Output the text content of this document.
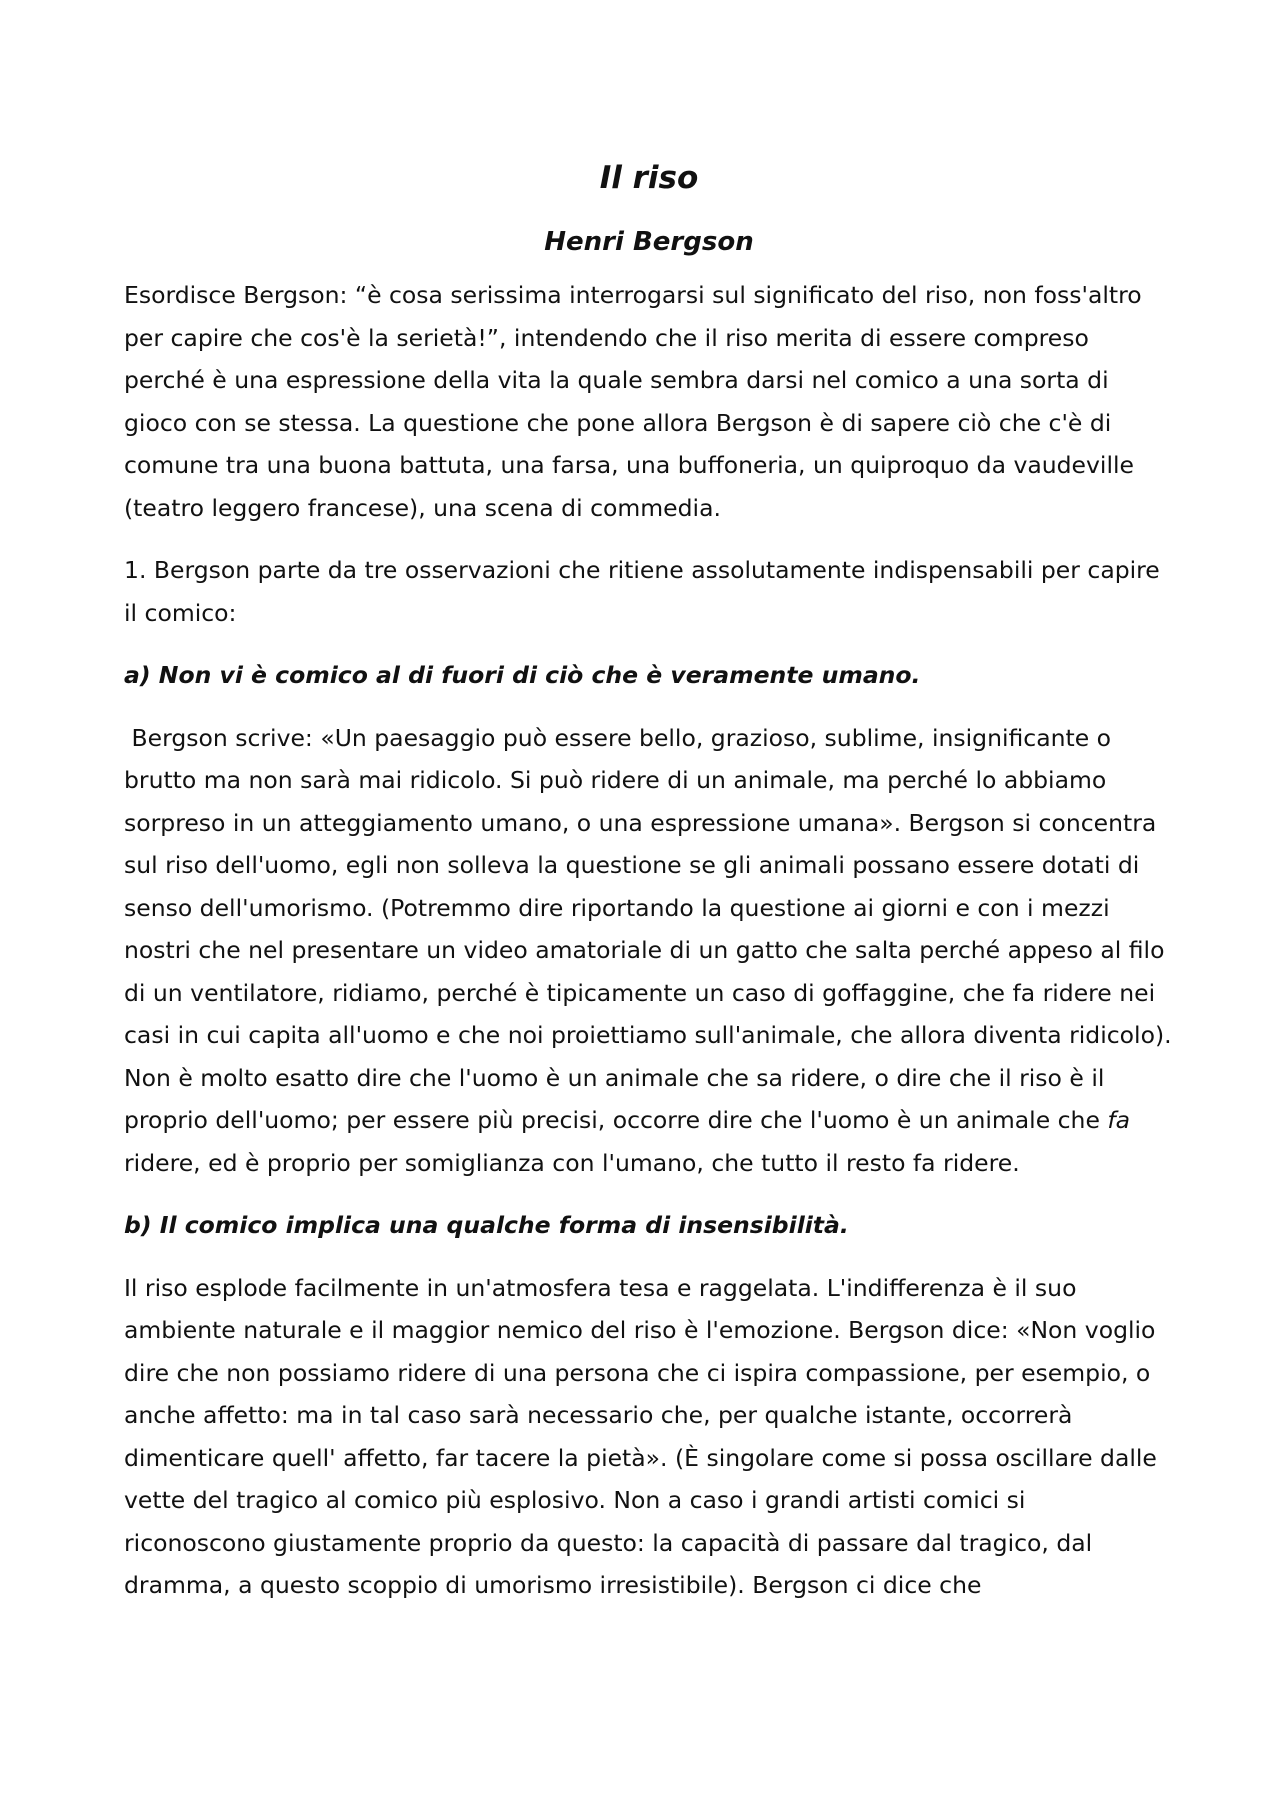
Il riso
Henri Bergson

Esordisce Bergson: “è cosa serissima interrogarsi sul significato del riso, non foss'altro per capire che cos'è la serietà!”, intendendo che il riso merita di essere compreso perché è una espressione della vita la quale sembra darsi nel comico a una sorta di gioco con se stessa. La questione che pone allora Bergson è di sapere ciò che c'è di comune tra una buona battuta, una farsa, una buffoneria, un quiproquo da vaudeville (teatro leggero francese), una scena di commedia.

1. Bergson parte da tre osservazioni che ritiene assolutamente indispensabili per capire il comico:

a) Non vi è comico al di fuori di ciò che è veramente umano.

Bergson scrive: «Un paesaggio può essere bello, grazioso, sublime, insignificante o brutto ma non sarà mai ridicolo. Si può ridere di un animale, ma perché lo abbiamo sorpreso in un atteggiamento umano, o una espressione umana». Bergson si concentra sul riso dell'uomo, egli non solleva la questione se gli animali possano essere dotati di senso dell'umorismo. (Potremmo dire riportando la questione ai giorni e con i mezzi nostri che nel presentare un video amatoriale di un gatto che salta perché appeso al filo di un ventilatore, ridiamo, perché è tipicamente un caso di goffaggine, che fa ridere nei casi in cui capita all'uomo e che noi proiettiamo sull'animale, che allora diventa ridicolo). Non è molto esatto dire che l'uomo è un animale che sa ridere, o dire che il riso è il proprio dell'uomo; per essere più precisi, occorre dire che l'uomo è un animale che fa ridere, ed è proprio per somiglianza con l'umano, che tutto il resto fa ridere.

b) Il comico implica una qualche forma di insensibilità.

Il riso esplode facilmente in un'atmosfera tesa e raggelata. L'indifferenza è il suo ambiente naturale e il maggior nemico del riso è l'emozione. Bergson dice: «Non voglio dire che non possiamo ridere di una persona che ci ispira compassione, per esempio, o anche affetto: ma in tal caso sarà necessario che, per qualche istante, occorrerà dimenticare quell' affetto, far tacere la pietà». (È singolare come si possa oscillare dalle vette del tragico al comico più esplosivo. Non a caso i grandi artisti comici si riconoscono giustamente proprio da questo: la capacità di passare dal tragico, dal dramma, a questo scoppio di umorismo irresistibile). Bergson ci dice che
